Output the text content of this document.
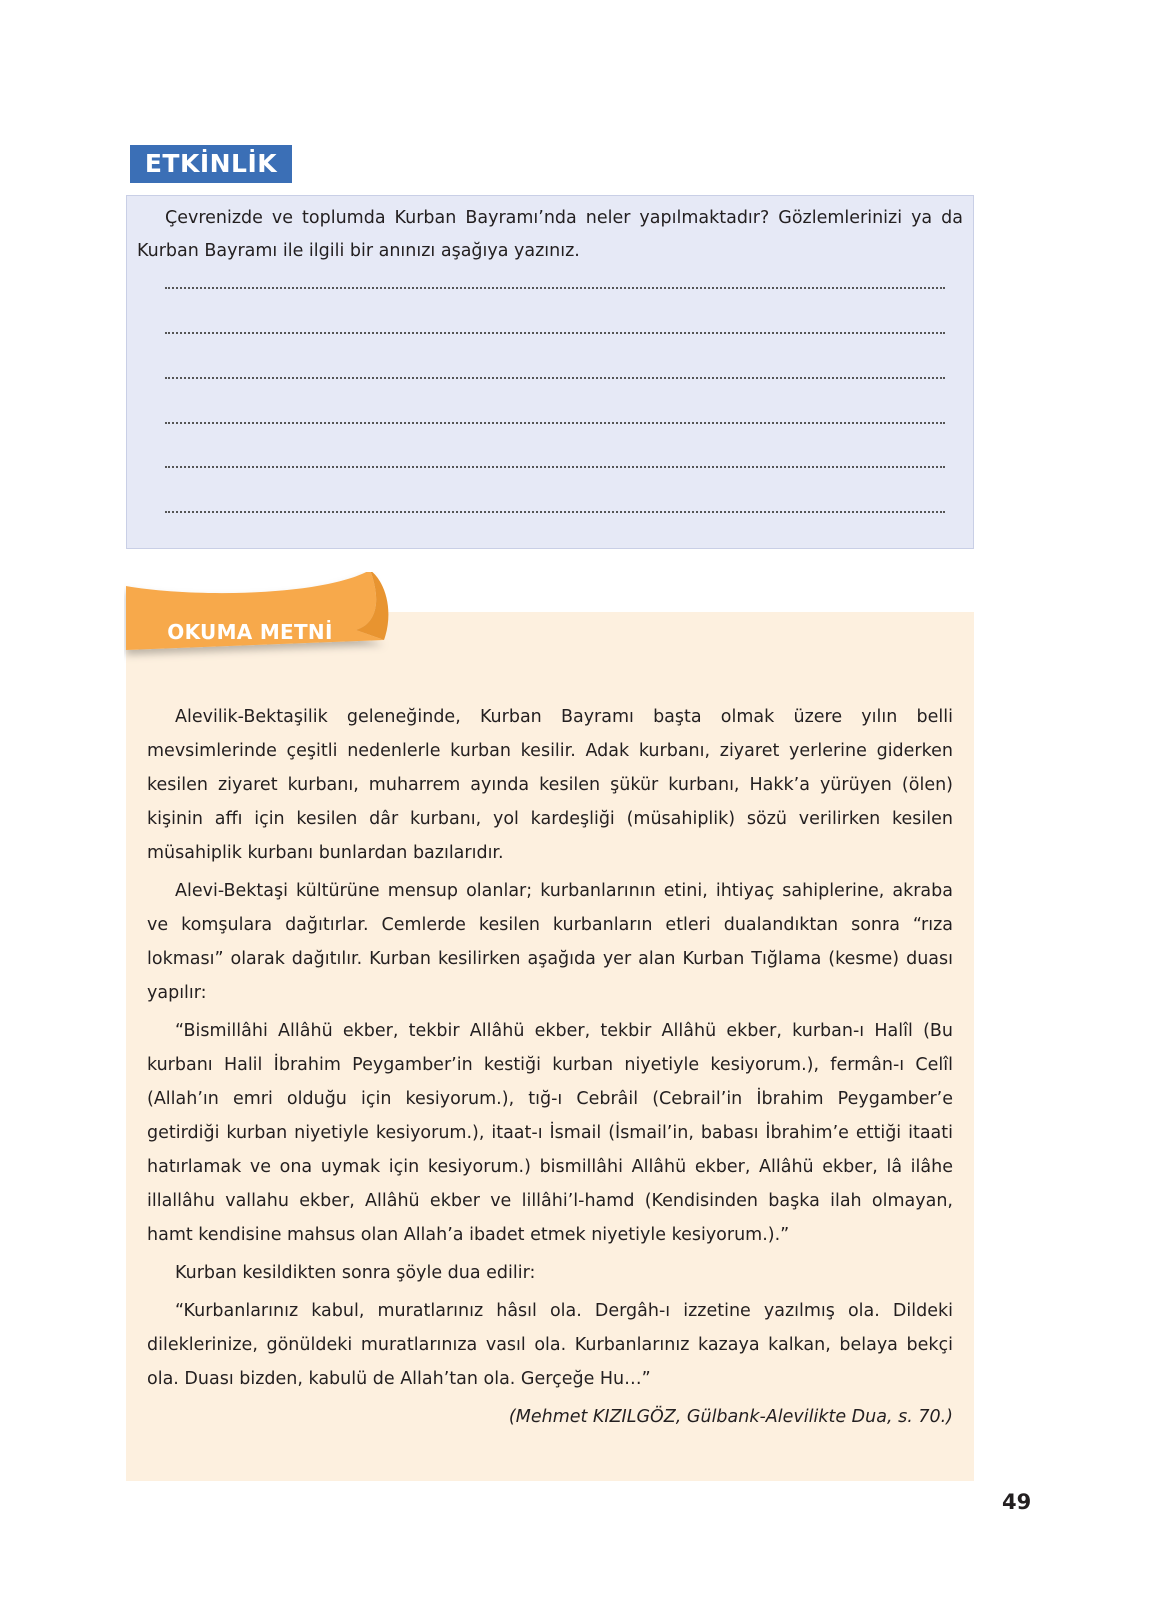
ETKİNLİK
Çevrenizde ve toplumda Kurban Bayramı’nda neler yapılmaktadır? Gözlemlerinizi ya da Kurban Bayramı ile ilgili bir anınızı aşağıya yazınız.
OKUMA METNİ

Alevilik-Bektaşilik geleneğinde, Kurban Bayramı başta olmak üzere yılın belli mevsimlerinde çeşitli nedenlerle kurban kesilir. Adak kurbanı, ziyaret yerlerine giderken kesilen ziyaret kurbanı, muharrem ayında kesilen şükür kurbanı, Hakk’a yürüyen (ölen) kişinin affı için kesilen dâr kurbanı, yol kardeşliği (müsahiplik) sözü verilirken kesilen müsahiplik kurbanı bunlardan bazılarıdır.

Alevi-Bektaşi kültürüne mensup olanlar; kurbanlarının etini, ihtiyaç sahiplerine, akraba ve komşulara dağıtırlar. Cemlerde kesilen kurbanların etleri dualandıktan sonra “rıza lokması” olarak dağıtılır. Kurban kesilirken aşağıda yer alan Kurban Tığlama (kesme) duası yapılır:

“Bismillâhi Allâhü ekber, tekbir Allâhü ekber, tekbir Allâhü ekber, kurban-ı Halîl (Bu kurbanı Halil İbrahim Peygamber’in kestiği kurban niyetiyle kesiyorum.), fermân-ı Celîl (Allah’ın emri olduğu için kesiyorum.), tığ-ı Cebrâil (Cebrail’in İbrahim Peygamber’e getirdiği kurban niyetiyle kesiyorum.), itaat-ı İsmail (İsmail’in, babası İbrahim’e ettiği itaati hatırlamak ve ona uymak için kesiyorum.) bismillâhi Allâhü ekber, Allâhü ekber, lâ ilâhe illallâhu vallahu ekber, Allâhü ekber ve lillâhi’l-hamd (Kendisinden başka ilah olmayan, hamt kendisine mahsus olan Allah’a ibadet etmek niyetiyle kesiyorum.).”

Kurban kesildikten sonra şöyle dua edilir:

“Kurbanlarınız kabul, muratlarınız hâsıl ola. Dergâh-ı izzetine yazılmış ola. Dildeki dileklerinize, gönüldeki muratlarınıza vasıl ola. Kurbanlarınız kazaya kalkan, belaya bekçi ola. Duası bizden, kabulü de Allah’tan ola. Gerçeğe Hu…”

(Mehmet KIZILGÖZ, Gülbank-Alevilikte Dua, s. 70.)

49
